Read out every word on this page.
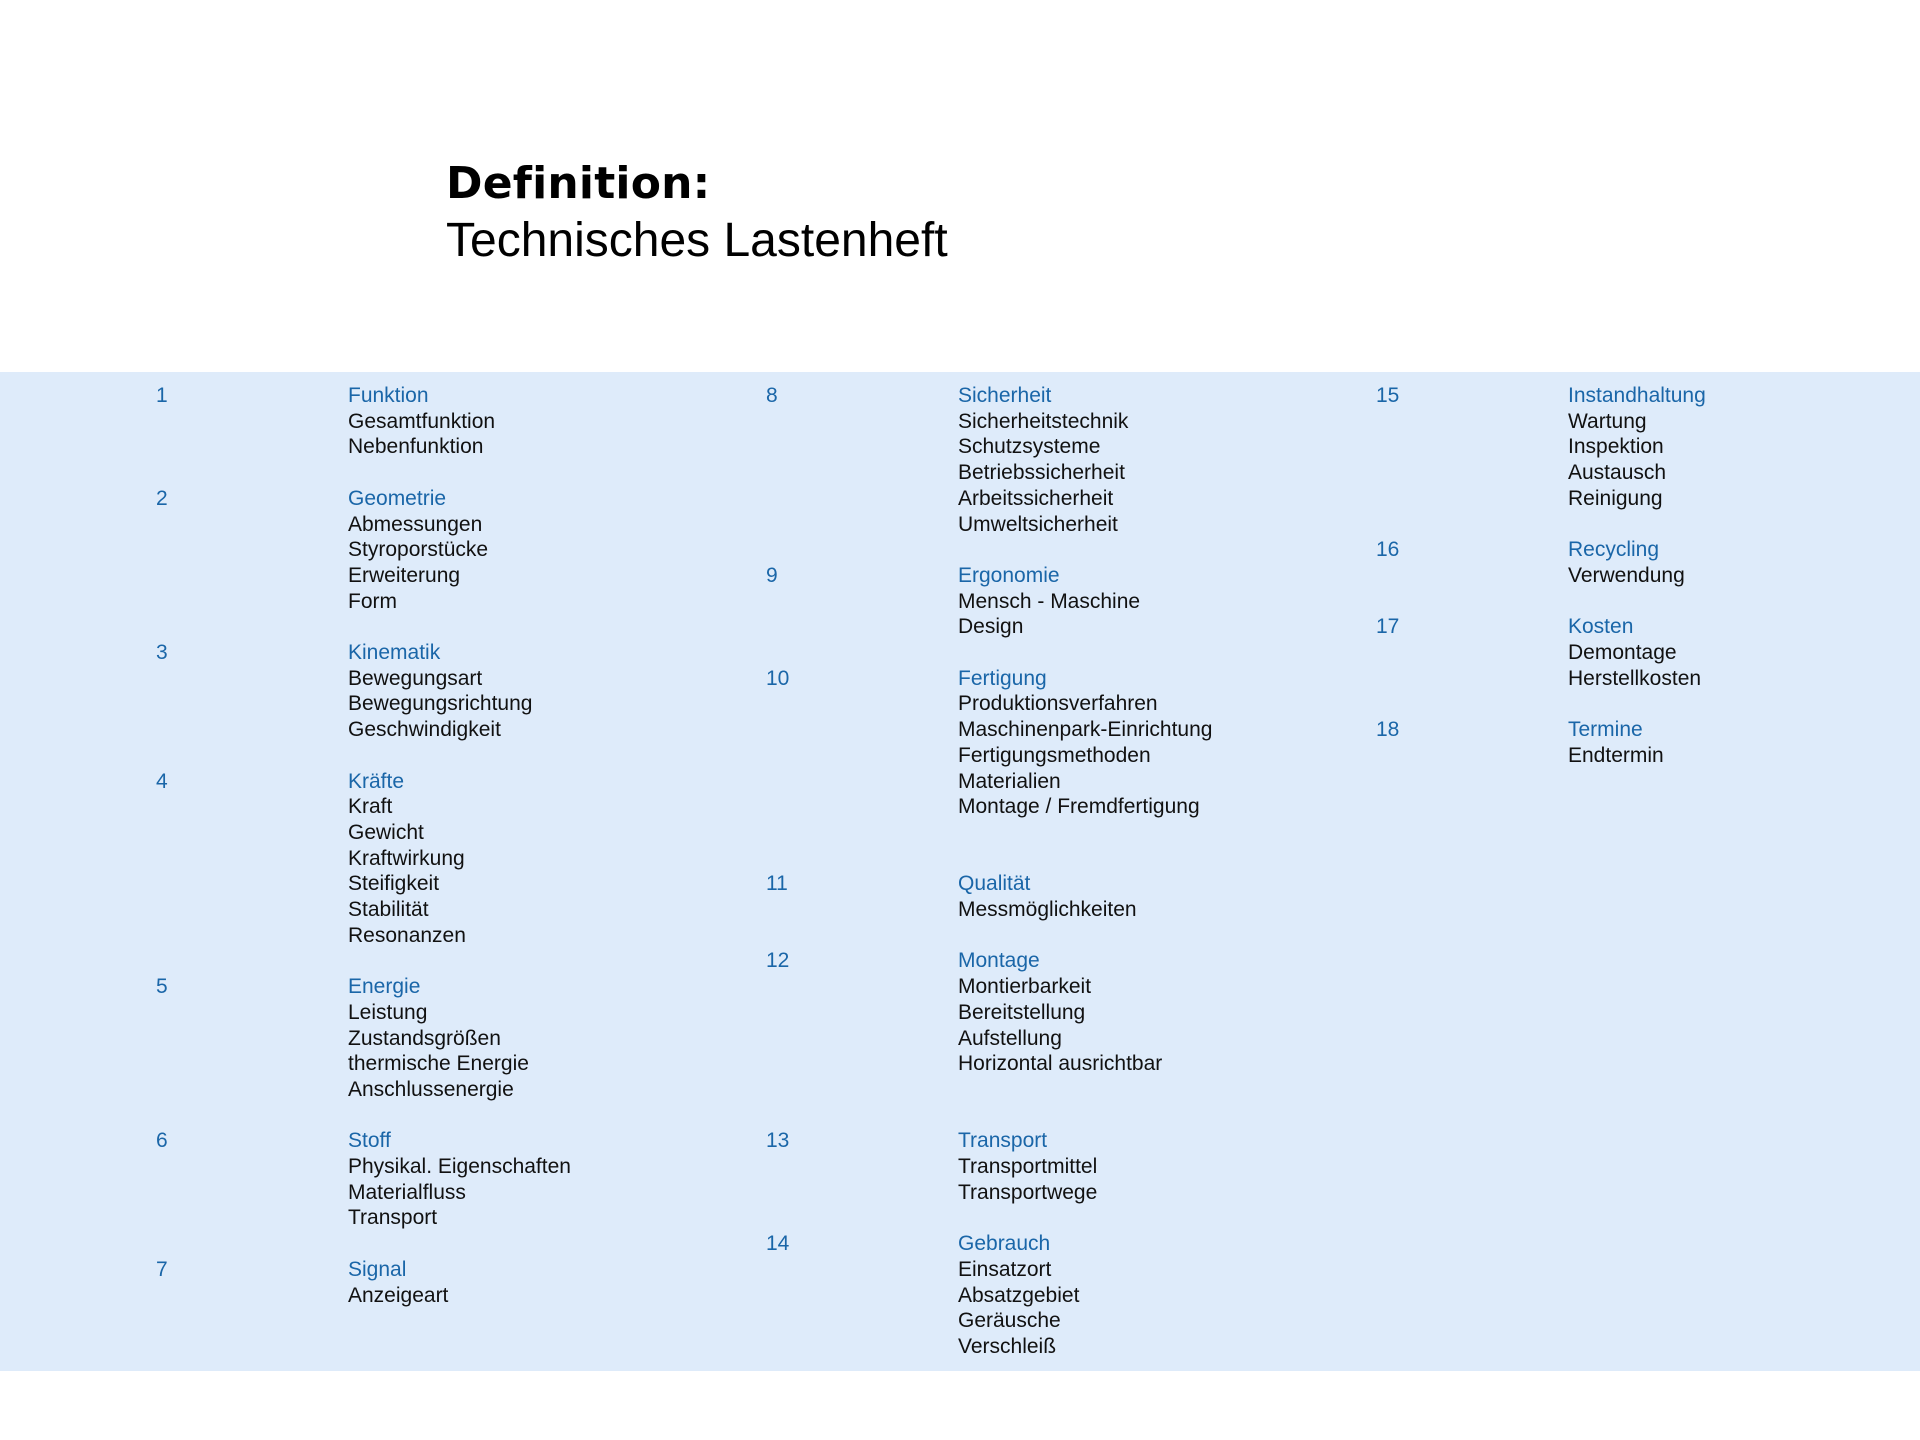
Definition:
Technisches Lastenheft
1	Funktion
Gesamtfunktion
Nebenfunktion
2	Geometrie
Abmessungen
Styroporstücke
Erweiterung
Form
3	Kinematik
Bewegungsart
Bewegungsrichtung
Geschwindigkeit
4	Kräfte
Kraft
Gewicht
Kraftwirkung
Steifigkeit
Stabilität
Resonanzen
5	Energie
Leistung
Zustandsgrößen
thermische Energie
Anschlussenergie
6	Stoff
Physikal. Eigenschaften
Materialfluss
Transport
7	Signal
Anzeigeart
8	Sicherheit
Sicherheitstechnik
Schutzsysteme
Betriebssicherheit
Arbeitssicherheit
Umweltsicherheit
9	Ergonomie
Mensch - Maschine
Design
10	Fertigung
Produktionsverfahren
Maschinenpark-Einrichtung
Fertigungsmethoden
Materialien
Montage / Fremdfertigung
11	Qualität
Messmöglichkeiten
12	Montage
Montierbarkeit
Bereitstellung
Aufstellung
Horizontal ausrichtbar
13	Transport
Transportmittel
Transportwege
14	Gebrauch
Einsatzort
Absatzgebiet
Geräusche
Verschleiß
15	Instandhaltung
Wartung
Inspektion
Austausch
Reinigung
16	Recycling
Verwendung
17	Kosten
Demontage
Herstellkosten
18	Termine
Endtermin
